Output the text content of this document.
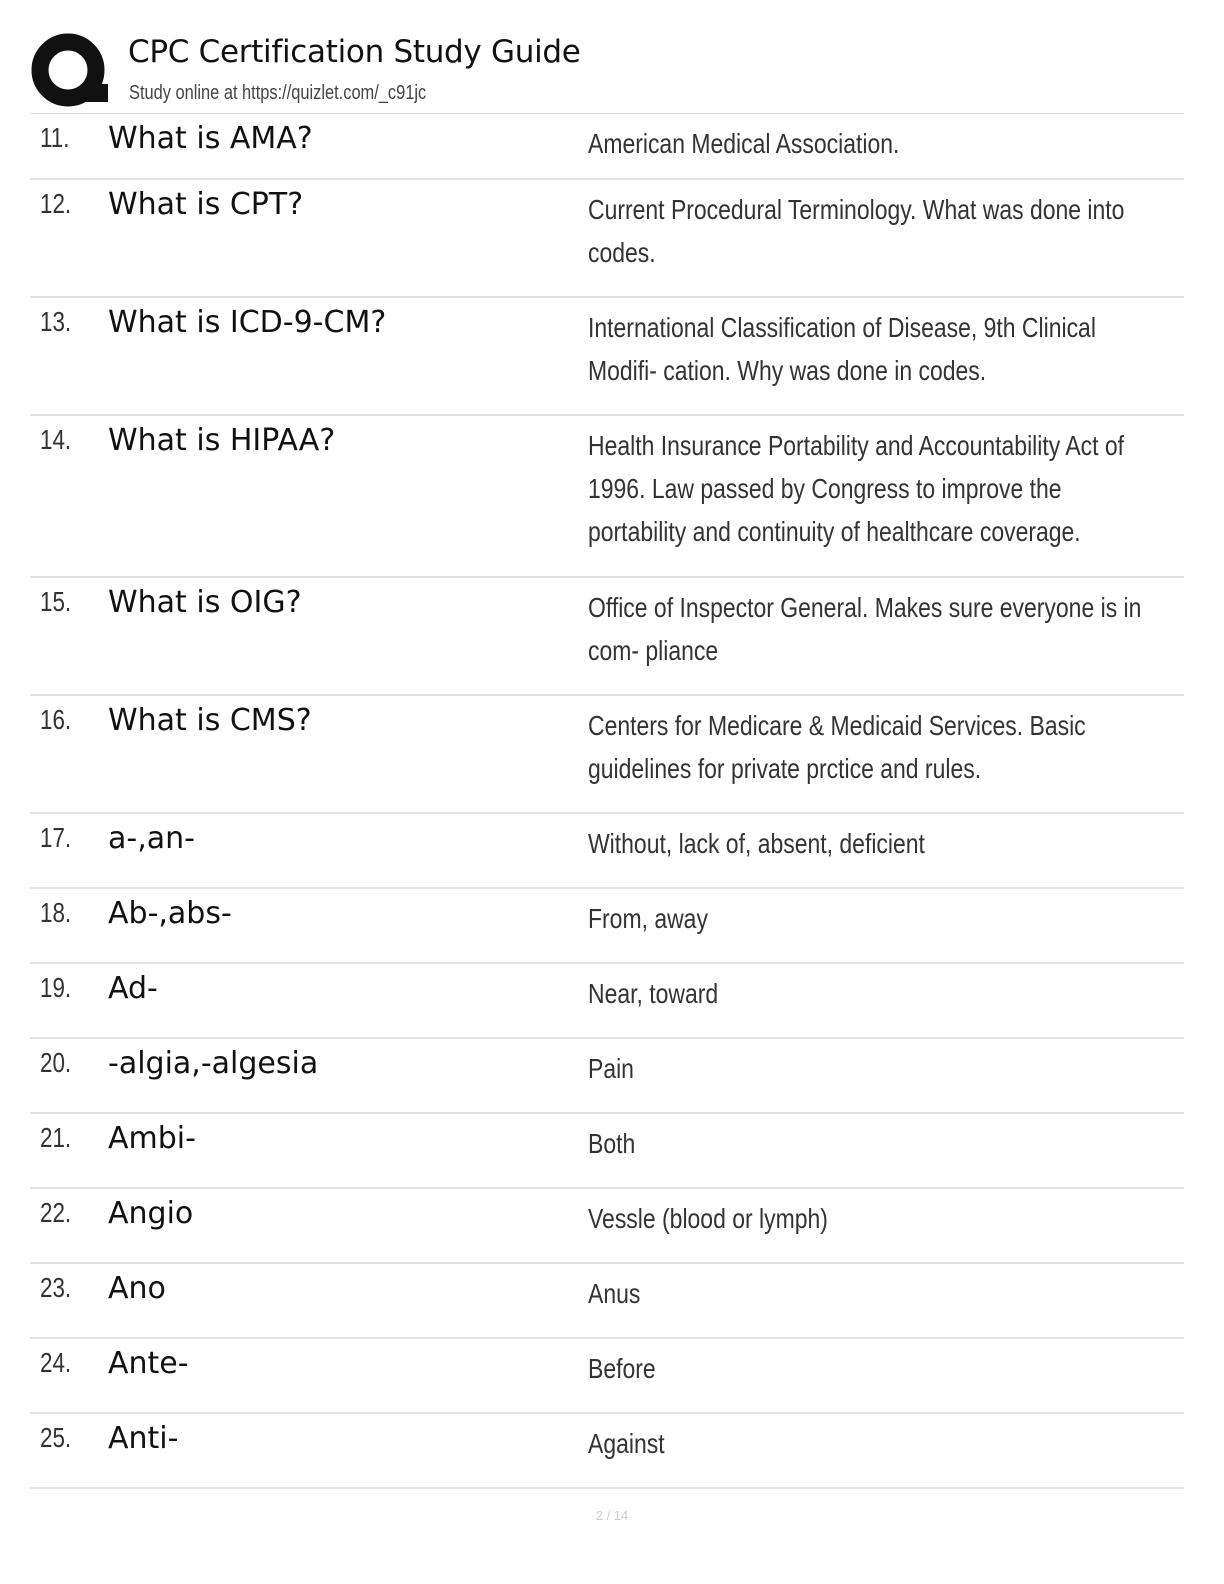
CPC Certification Study Guide
Study online at https://quizlet.com/_c91jc
11. What is AMA?	American Medical Association.
12. What is CPT?	Current Procedural Terminology. What was done into codes.
13. What is ICD-9-CM?	International Classification of Disease, 9th Clinical Modifi- cation. Why was done in codes.
14. What is HIPAA?	Health Insurance Portability and Accountability Act of 1996. Law passed by Congress to improve the portability and continuity of healthcare coverage.
15. What is OIG?	Office of Inspector General. Makes sure everyone is in com- pliance
16. What is CMS?	Centers for Medicare & Medicaid Services. Basic guidelines for private prctice and rules.
17. a-,an-	Without, lack of, absent, deficient
18. Ab-,abs-	From, away
19. Ad-	Near, toward
20. -algia,-algesia	Pain
21. Ambi-	Both
22. Angio	Vessle (blood or lymph)
23. Ano	Anus
24. Ante-	Before
25. Anti-	Against
2 / 14
